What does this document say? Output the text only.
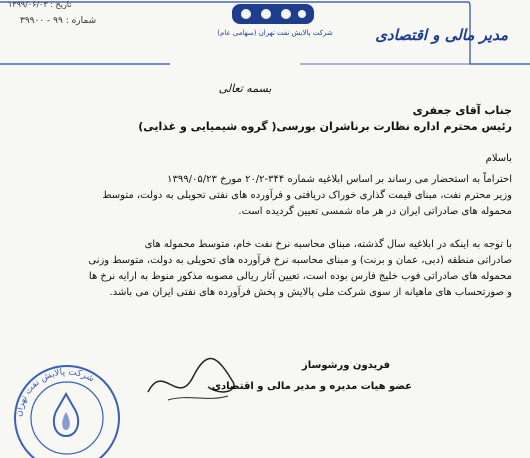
تاریخ : ۱۳۹۹/۰۶/۰۳
شماره : ۹۹ - ۳۹۹۰۰
شرکت پالایش نفت تهران (سهامی عام)	مدیر مالی و اقتصادی
بسمه تعالی
جناب آقای جعفری
رئیس محترم اداره نظارت برناشران بورسی( گروه شیمیایی و غذایی)
باسلام
احتراماً به استحضار می رساند بر اساس ابلاغیه شماره ۳۴۴-۲۰/۲ مورخ ۱۳۹۹/۰۵/۲۳
وزیر محترم نفت، مبنای قیمت گذاری خوراک دریافتی و فرآورده های نفتی تحویلی به دولت، متوسط
محموله های صادراتی ایران در هر ماه شمسی تعیین گردیده است.
با توجه به اینکه در ابلاغیه سال گذشته، مبنای محاسبه نرخ نفت خام، متوسط محموله های
صادراتی منطقه (دبی، عمان و برنت) و مبنای محاسبه نرخ فرآورده های تحویلی به دولت، متوسط وزنی
محموله های صادراتی فوب خلیج فارس بوده است، تعیین آثار ریالی مصوبه مذکور منوط به ارایه نرخ ها
و صورتحساب های ماهیانه از سوی شرکت ملی پالایش و پخش فرآورده های نفتی ایران می باشد.
فریدون ورشوساز
عضو هیات مدیره و مدیر مالی و اقتصادی
شرکت پالایش نفت تهران
